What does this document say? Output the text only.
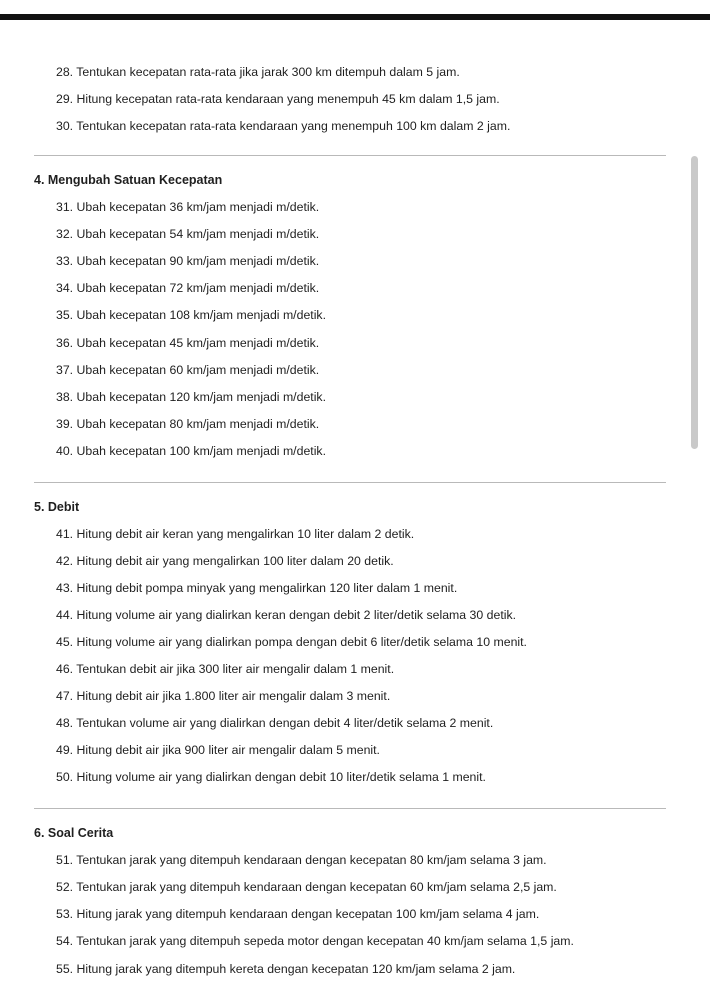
28. Tentukan kecepatan rata-rata jika jarak 300 km ditempuh dalam 5 jam.
29. Hitung kecepatan rata-rata kendaraan yang menempuh 45 km dalam 1,5 jam.
30. Tentukan kecepatan rata-rata kendaraan yang menempuh 100 km dalam 2 jam.
4. Mengubah Satuan Kecepatan
31. Ubah kecepatan 36 km/jam menjadi m/detik.
32. Ubah kecepatan 54 km/jam menjadi m/detik.
33. Ubah kecepatan 90 km/jam menjadi m/detik.
34. Ubah kecepatan 72 km/jam menjadi m/detik.
35. Ubah kecepatan 108 km/jam menjadi m/detik.
36. Ubah kecepatan 45 km/jam menjadi m/detik.
37. Ubah kecepatan 60 km/jam menjadi m/detik.
38. Ubah kecepatan 120 km/jam menjadi m/detik.
39. Ubah kecepatan 80 km/jam menjadi m/detik.
40. Ubah kecepatan 100 km/jam menjadi m/detik.
5. Debit
41. Hitung debit air keran yang mengalirkan 10 liter dalam 2 detik.
42. Hitung debit air yang mengalirkan 100 liter dalam 20 detik.
43. Hitung debit pompa minyak yang mengalirkan 120 liter dalam 1 menit.
44. Hitung volume air yang dialirkan keran dengan debit 2 liter/detik selama 30 detik.
45. Hitung volume air yang dialirkan pompa dengan debit 6 liter/detik selama 10 menit.
46. Tentukan debit air jika 300 liter air mengalir dalam 1 menit.
47. Hitung debit air jika 1.800 liter air mengalir dalam 3 menit.
48. Tentukan volume air yang dialirkan dengan debit 4 liter/detik selama 2 menit.
49. Hitung debit air jika 900 liter air mengalir dalam 5 menit.
50. Hitung volume air yang dialirkan dengan debit 10 liter/detik selama 1 menit.
6. Soal Cerita
51. Tentukan jarak yang ditempuh kendaraan dengan kecepatan 80 km/jam selama 3 jam.
52. Tentukan jarak yang ditempuh kendaraan dengan kecepatan 60 km/jam selama 2,5 jam.
53. Hitung jarak yang ditempuh kendaraan dengan kecepatan 100 km/jam selama 4 jam.
54. Tentukan jarak yang ditempuh sepeda motor dengan kecepatan 40 km/jam selama 1,5 jam.
55. Hitung jarak yang ditempuh kereta dengan kecepatan 120 km/jam selama 2 jam.
